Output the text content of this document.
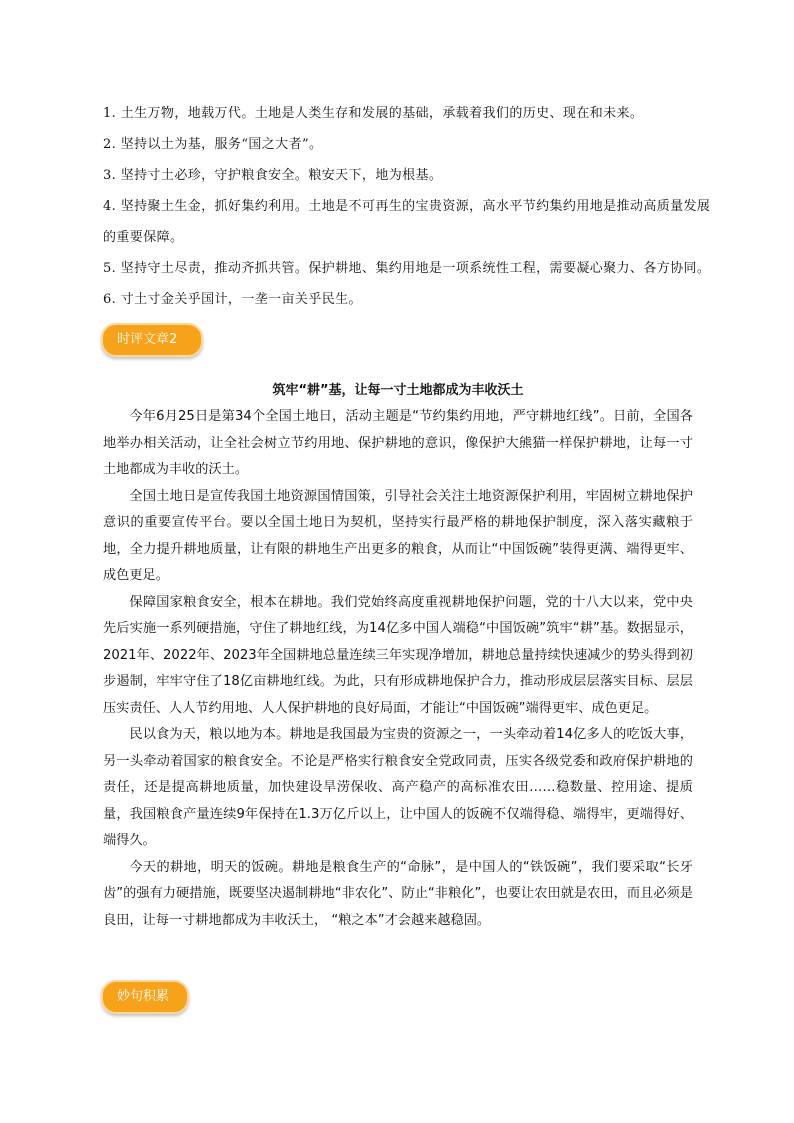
1. 土生万物，地载万代。土地是人类生存和发展的基础，承载着我们的历史、现在和未来。

2. 坚持以土为基，服务“国之大者”。

3. 坚持寸土必珍，守护粮食安全。粮安天下，地为根基。

4. 坚持聚土生金，抓好集约利用。土地是不可再生的宝贵资源，高水平节约集约用地是推动高质量发展的重要保障。

5. 坚持守土尽责，推动齐抓共管。保护耕地、集约用地是一项系统性工程，需要凝心聚力、各方协同。

6. 寸土寸金关乎国计，一垄一亩关乎民生。

时评文章2
筑牢“耕”基，让每一寸土地都成为丰收沃土

今年6月25日是第34个全国土地日，活动主题是“节约集约用地，严守耕地红线”。日前，全国各地举办相关活动，让全社会树立节约用地、保护耕地的意识，像保护大熊猫一样保护耕地，让每一寸土地都成为丰收的沃土。

全国土地日是宣传我国土地资源国情国策，引导社会关注土地资源保护利用，牢固树立耕地保护意识的重要宣传平台。要以全国土地日为契机，坚持实行最严格的耕地保护制度，深入落实藏粮于地，全力提升耕地质量，让有限的耕地生产出更多的粮食，从而让“中国饭碗”装得更满、端得更牢、成色更足。

保障国家粮食安全，根本在耕地。我们党始终高度重视耕地保护问题，党的十八大以来，党中央先后实施一系列硬措施，守住了耕地红线，为14亿多中国人端稳“中国饭碗”筑牢“耕”基。数据显示，2021年、2022年、2023年全国耕地总量连续三年实现净增加，耕地总量持续快速减少的势头得到初步遏制，牢牢守住了18亿亩耕地红线。为此，只有形成耕地保护合力，推动形成层层落实目标、层层压实责任、人人节约用地、人人保护耕地的良好局面，才能让“中国饭碗”端得更牢、成色更足。

民以食为天，粮以地为本。耕地是我国最为宝贵的资源之一，一头牵动着14亿多人的吃饭大事，另一头牵动着国家的粮食安全。不论是严格实行粮食安全党政同责，压实各级党委和政府保护耕地的责任，还是提高耕地质量，加快建设旱涝保收、高产稳产的高标准农田……稳数量、控用途、提质量，我国粮食产量连续9年保持在1.3万亿斤以上，让中国人的饭碗不仅端得稳、端得牢，更端得好、端得久。

今天的耕地，明天的饭碗。耕地是粮食生产的“命脉”，是中国人的“铁饭碗”，我们要采取“长牙齿”的强有力硬措施，既要坚决遏制耕地“非农化”、防止“非粮化”，也要让农田就是农田，而且必须是良田，让每一寸耕地都成为丰收沃土， “粮之本”才会越来越稳固。

妙句积累
